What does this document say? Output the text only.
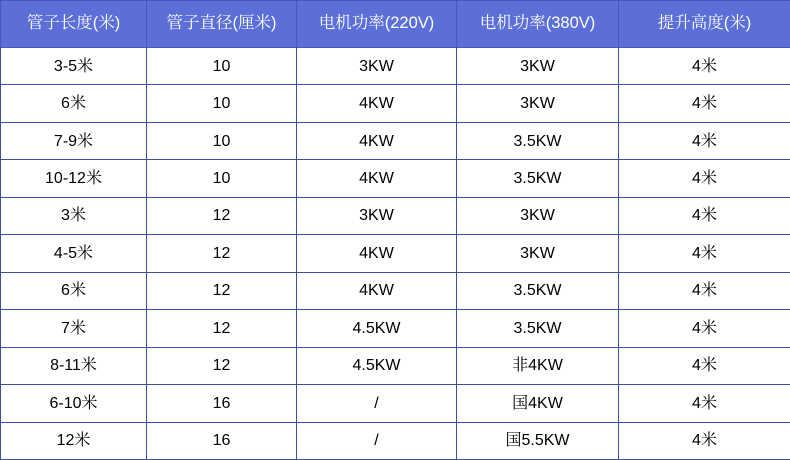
管子长度(米)	管子直径(厘米)	电机功率(220V)	电机功率(380V)	提升高度(米)
3-5米	10	3KW	3KW	4米
6米	10	4KW	3KW	4米
7-9米	10	4KW	3.5KW	4米
10-12米	10	4KW	3.5KW	4米
3米	12	3KW	3KW	4米
4-5米	12	4KW	3KW	4米
6米	12	4KW	3.5KW	4米
7米	12	4.5KW	3.5KW	4米
8-11米	12	4.5KW	非4KW	4米
6-10米	16	/	国4KW	4米
12米	16	/	国5.5KW	4米
